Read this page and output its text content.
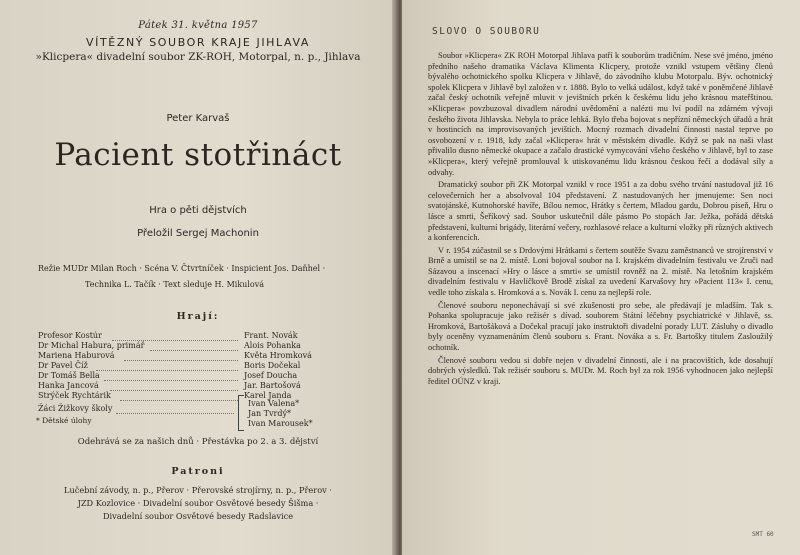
Pátek 31. května 1957
VÍTĚZNÝ SOUBOR KRAJE JIHLAVA
»Klicpera« divadelní soubor ZK-ROH, Motorpal, n. p., Jihlava
Peter Karvaš
Pacient stotřináct
Hra o pěti dějstvích
Přeložil Sergej Machonin
Režie MUDr Milan Roch · Scéna V. Čtvrtníček · Inspicient Jos. Daňhel ·
Technika L. Tačík · Text sleduje H. Mikulová
Hrají:
Profesor Kostúr	Frant. Novák
Dr Michal Habura, primář	Alois Pohanka
Mariena Haburová	Květa Hromková
Dr Pavel Číž	Boris Dočekal
Dr Tomáš Bella	Josef Doucha
Hanka Jancová	Jar. Bartošová
Strýček Rychtárik	Karel Janda
Žáci Žižkovy školy
Ivan Valena*
Jan Tvrdý*
Ivan Marousek*
* Dětské úlohy
Odehrává se za našich dnů · Přestávka po 2. a 3. dějství
Patroni
Lučební závody, n. p., Přerov · Přerovské strojírny, n. p., Přerov ·
JZD Kozlovice · Divadelní soubor Osvětové besedy Šišma ·
Divadelní soubor Osvětové besedy Radslavice
SLOVO O SOUBORU

Soubor »Klicpera« ZK ROH Motorpal Jihlava patří k souborům tradičním. Nese své jméno, jméno předního našeho dramatika Václava Klimenta Klicpery, protože vznikl vstupem většiny členů bývalého ochotnického spolku Klicpera v Jihlavě, do závodního klubu Motorpalu. Býv. ochotnický spolek Klicpera v Jihlavě byl založen v r. 1888. Bylo to velká událost, když také v poněmčené Jihlavě začal český ochotník veřejně mluvit v jevištních prkén k českému lidu jeho krásnou mateřštinou. »Klicpera« povzbuzoval divadlem národní uvědomění a nalézti mu lví podíl na zdárném vývoji českého života Jihlavska. Nebyla to práce lehká. Bylo třeba bojovat s nepřízní německých úřadů a hrát v hostincích na improvisovaných jevištích. Mocný rozmach divadelní činnosti nastal teprve po osvobození v r. 1918, kdy začal »Klicpera« hrát v městském divadle. Když se pak na naši vlast přivalilo dusno německé okupace a začalo drastické vymycování všeho českého v Jihlavě, byl to zase »Klicpera«, který veřejně promlouval k utiskovanému lidu krásnou českou řečí a dodával síly a odvahy.

Dramatický soubor při ZK Motorpal vznikl v roce 1951 a za dobu svého trvání nastudoval již 16 celovečerních her a absolvoval 104 představení. Z nastudovaných her jmenujeme: Sen noci svatojánské, Kutnohorské havíře, Bílou nemoc, Hrátky s čertem, Mladou gardu, Dobrou píseň, Hru o lásce a smrti, Šeříkový sad. Soubor uskutečnil dále pásmo Po stopách Jar. Ježka, pořádá dětská představení, kulturní brigády, literární večery, rozhlasové relace a kulturní vložky při různých aktivech a konferencích.

V r. 1954 zúčastnil se s Drdovými Hrátkami s čertem soutěže Svazu zaměstnanců ve strojírenství v Brně a umístil se na 2. místě. Loni bojoval soubor na I. krajském divadelním festivalu ve Zruči nad Sázavou a inscenací »Hry o lásce a smrti« se umístil rovněž na 2. místě. Na letošním krajském divadelním festivalu v Havlíčkově Brodě získal za uvedení Karvašovy hry »Pacient 113« I. cenu, vedle toho získala s. Hromková a s. Novák I. cenu za nejlepší role.

Členové souboru neponechávají si své zkušenosti pro sebe, ale předávají je mladším. Tak s. Pohanka spolupracuje jako režisér s dívad. souborem Státní léčebny psychiatrické v Jihlavě, ss. Hromková, Bartošáková a Dočekal pracují jako instruktoři divadelní porady LUT. Zásluhy o divadlo byly oceněny vyznamenáním členů souboru s. Frant. Nováka a s. Fr. Bartošky titulem Zasloužilý ochotník.

Členové souboru vedou si dobře nejen v divadelní činnosti, ale i na pracovištích, kde dosahují dobrých výsledků. Tak režisér souboru s. MUDr. M. Roch byl za rok 1956 vyhodnocen jako nejlepší ředitel OÚNZ v kraji.

SMT 60
